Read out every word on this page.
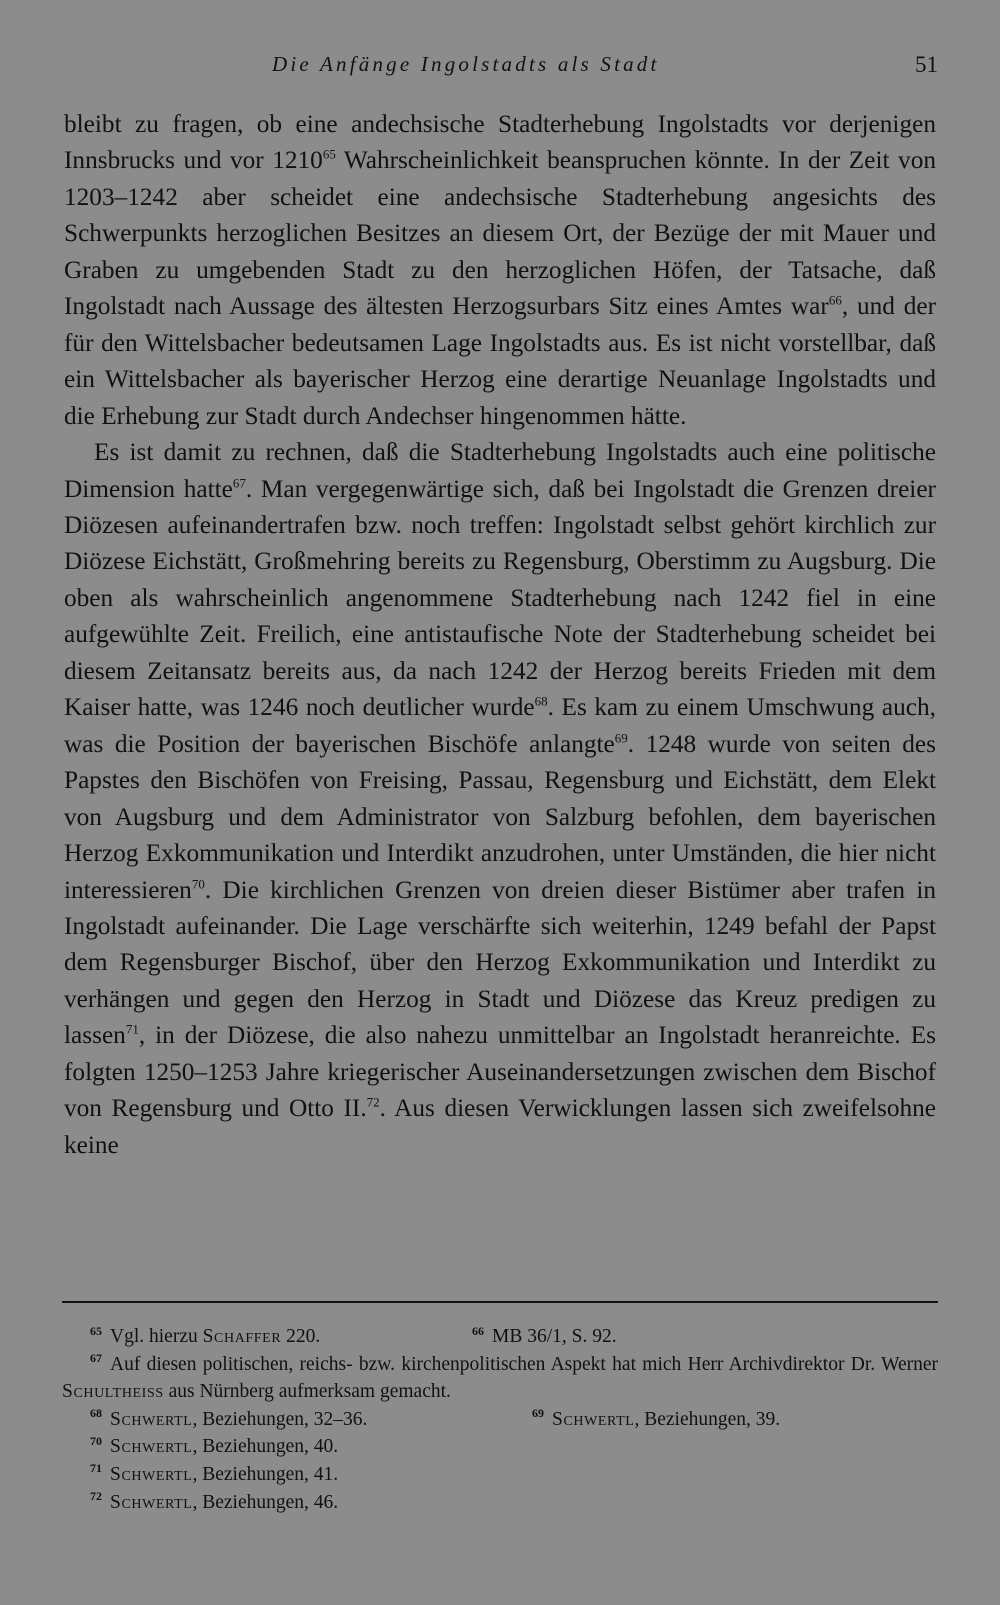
Die Anfänge Ingolstadts als Stadt	51

bleibt zu fragen, ob eine andechsische Stadterhebung Ingolstadts vor derjenigen Innsbrucks und vor 1210$^{65}$ Wahrscheinlichkeit beanspruchen könnte. In der Zeit von 1203–1242 aber scheidet eine andechsische Stadterhebung angesichts des Schwerpunkts herzoglichen Besitzes an diesem Ort, der Bezüge der mit Mauer und Graben zu umgebenden Stadt zu den herzoglichen Höfen, der Tatsache, daß Ingolstadt nach Aussage des ältesten Herzogsurbars Sitz eines Amtes war$^{66}$, und der für den Wittelsbacher bedeutsamen Lage Ingolstadts aus. Es ist nicht vorstellbar, daß ein Wittelsbacher als bayerischer Herzog eine derartige Neuanlage Ingolstadts und die Erhebung zur Stadt durch Andechser hingenommen hätte.

Es ist damit zu rechnen, daß die Stadterhebung Ingolstadts auch eine politische Dimension hatte$^{67}$. Man vergegenwärtige sich, daß bei Ingolstadt die Grenzen dreier Diözesen aufeinandertrafen bzw. noch treffen: Ingolstadt selbst gehört kirchlich zur Diözese Eichstätt, Großmehring bereits zu Regensburg, Oberstimm zu Augsburg. Die oben als wahrscheinlich angenommene Stadterhebung nach 1242 fiel in eine aufgewühlte Zeit. Freilich, eine antistaufische Note der Stadterhebung scheidet bei diesem Zeitansatz bereits aus, da nach 1242 der Herzog bereits Frieden mit dem Kaiser hatte, was 1246 noch deutlicher wurde$^{68}$. Es kam zu einem Umschwung auch, was die Position der bayerischen Bischöfe anlangte$^{69}$. 1248 wurde von seiten des Papstes den Bischöfen von Freising, Passau, Regensburg und Eichstätt, dem Elekt von Augsburg und dem Administrator von Salzburg befohlen, dem bayerischen Herzog Exkommunikation und Interdikt anzudrohen, unter Umständen, die hier nicht interessieren$^{70}$. Die kirchlichen Grenzen von dreien dieser Bistümer aber trafen in Ingolstadt aufeinander. Die Lage verschärfte sich weiterhin, 1249 befahl der Papst dem Regensburger Bischof, über den Herzog Exkommunikation und Interdikt zu verhängen und gegen den Herzog in Stadt und Diözese das Kreuz predigen zu lassen$^{71}$, in der Diözese, die also nahezu unmittelbar an Ingolstadt heranreichte. Es folgten 1250–1253 Jahre kriegerischer Auseinandersetzungen zwischen dem Bischof von Regensburg und Otto II.$^{72}$. Aus diesen Verwicklungen lassen sich zweifelsohne keine

$^{65}$ Vgl. hierzu Schaffer 220.	$^{66}$ MB 36/1, S. 92.
$^{67}$ Auf diesen politischen, reichs- bzw. kirchenpolitischen Aspekt hat mich Herr Archivdirektor Dr. Werner Schultheiss aus Nürnberg aufmerksam gemacht.
$^{68}$ Schwertl, Beziehungen, 32–36.	$^{69}$ Schwertl, Beziehungen, 39.
$^{70}$ Schwertl, Beziehungen, 40.
$^{71}$ Schwertl, Beziehungen, 41.
$^{72}$ Schwertl, Beziehungen, 46.
